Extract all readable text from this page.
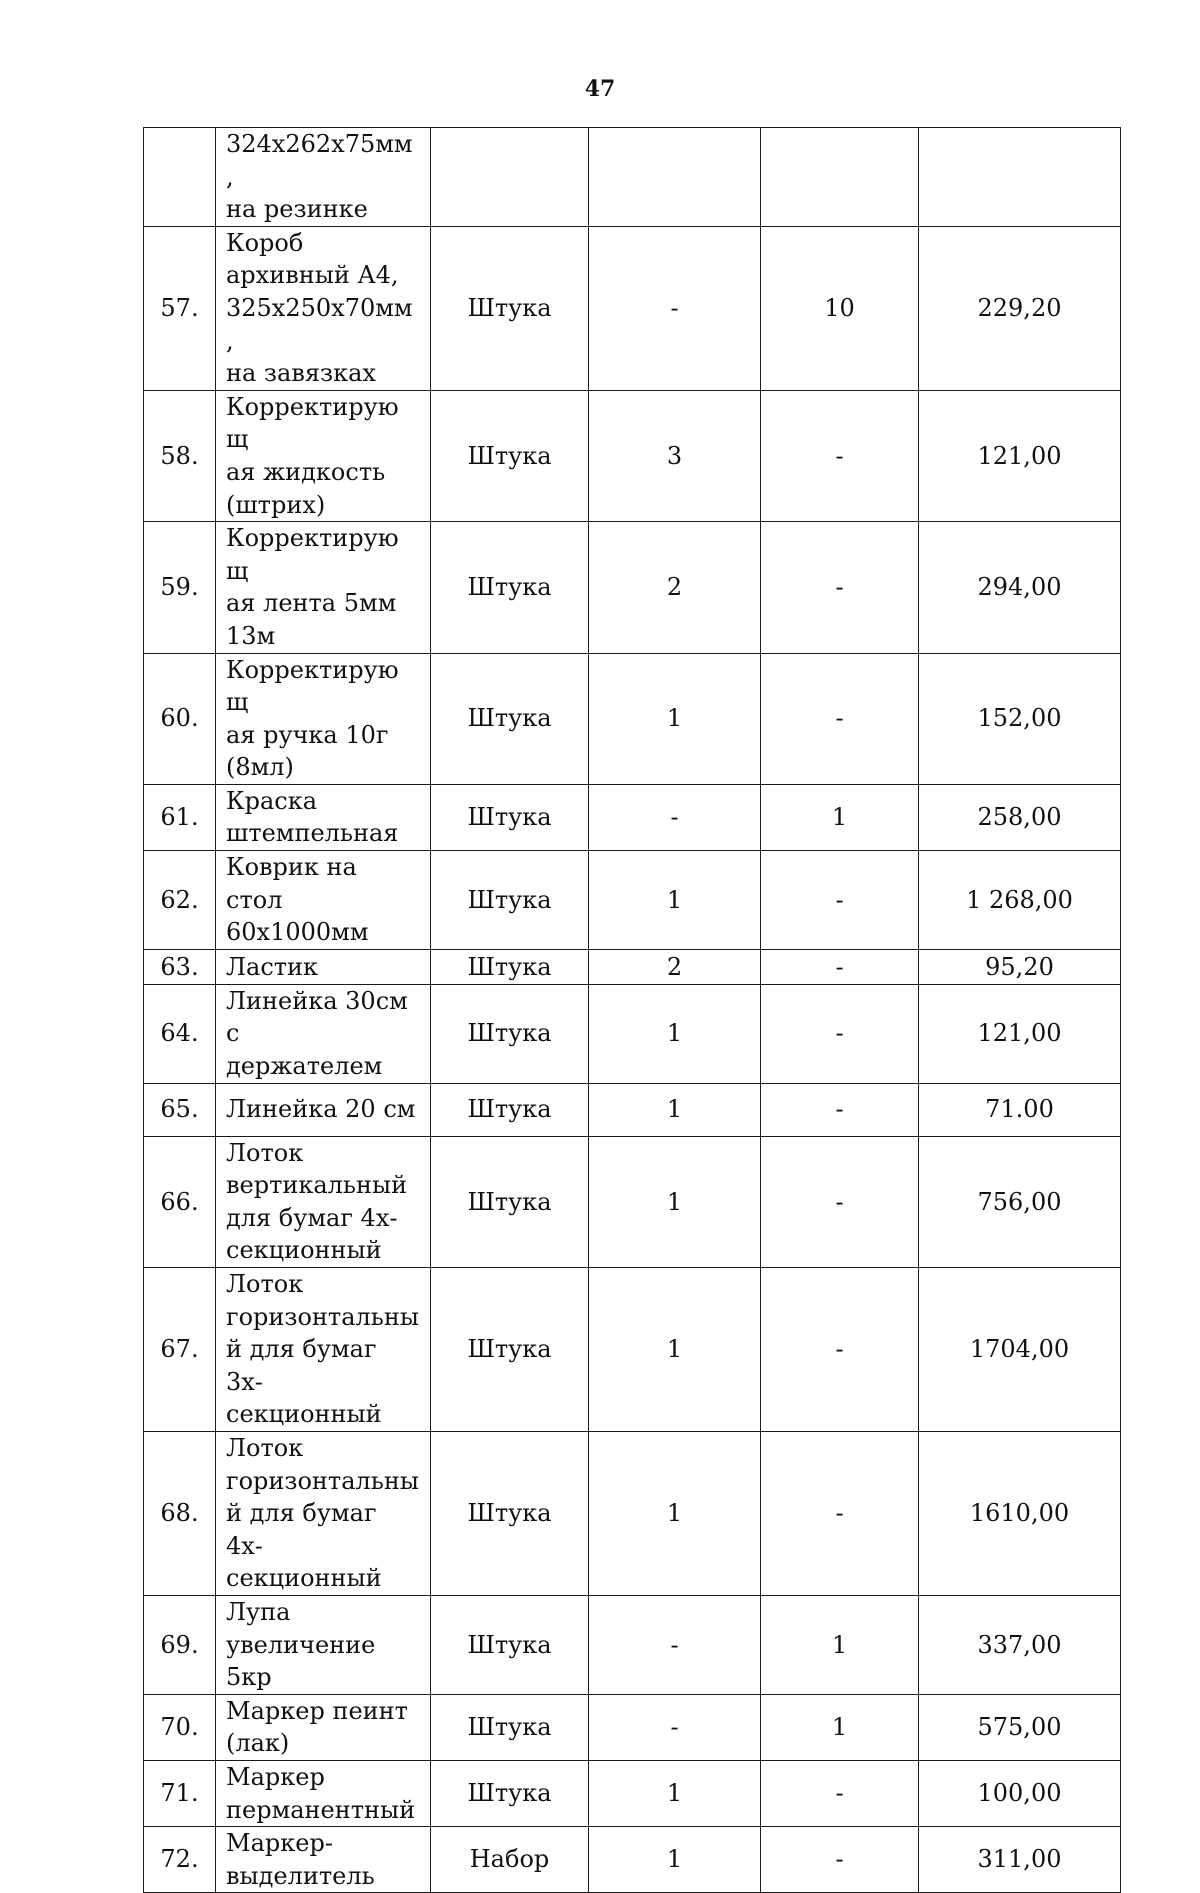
47
	324x262x75мм,
на резинке				
57.	Короб
архивный А4,
325x250x70мм,
на завязках	Штука	-	10	229,20
58.	Корректирующ
ая жидкость
(штрих)	Штука	3	-	121,00
59.	Корректирующ
ая лента 5мм
13м	Штука	2	-	294,00
60.	Корректирующ
ая ручка 10г
(8мл)	Штука	1	-	152,00
61.	Краска
штемпельная	Штука	-	1	258,00
62.	Коврик на стол
60x1000мм	Штука	1	-	1 268,00
63.	Ластик	Штука	2	-	95,20
64.	Линейка 30см с
держателем	Штука	1	-	121,00
65.	Линейка 20 см	Штука	1	-	71.00
66.	Лоток
вертикальный
для бумаг 4х-
секционный	Штука	1	-	756,00
67.	Лоток
горизонтальны
й для бумаг 3х-
секционный	Штука	1	-	1704,00
68.	Лоток
горизонтальны
й для бумаг 4х-
секционный	Штука	1	-	1610,00
69.	Лупа
увеличение 5кр	Штука	-	1	337,00
70.	Маркер пеинт
(лак)	Штука	-	1	575,00
71.	Маркер
перманентный	Штука	1	-	100,00
72.	Маркер-
выделитель	Набор	1	-	311,00
